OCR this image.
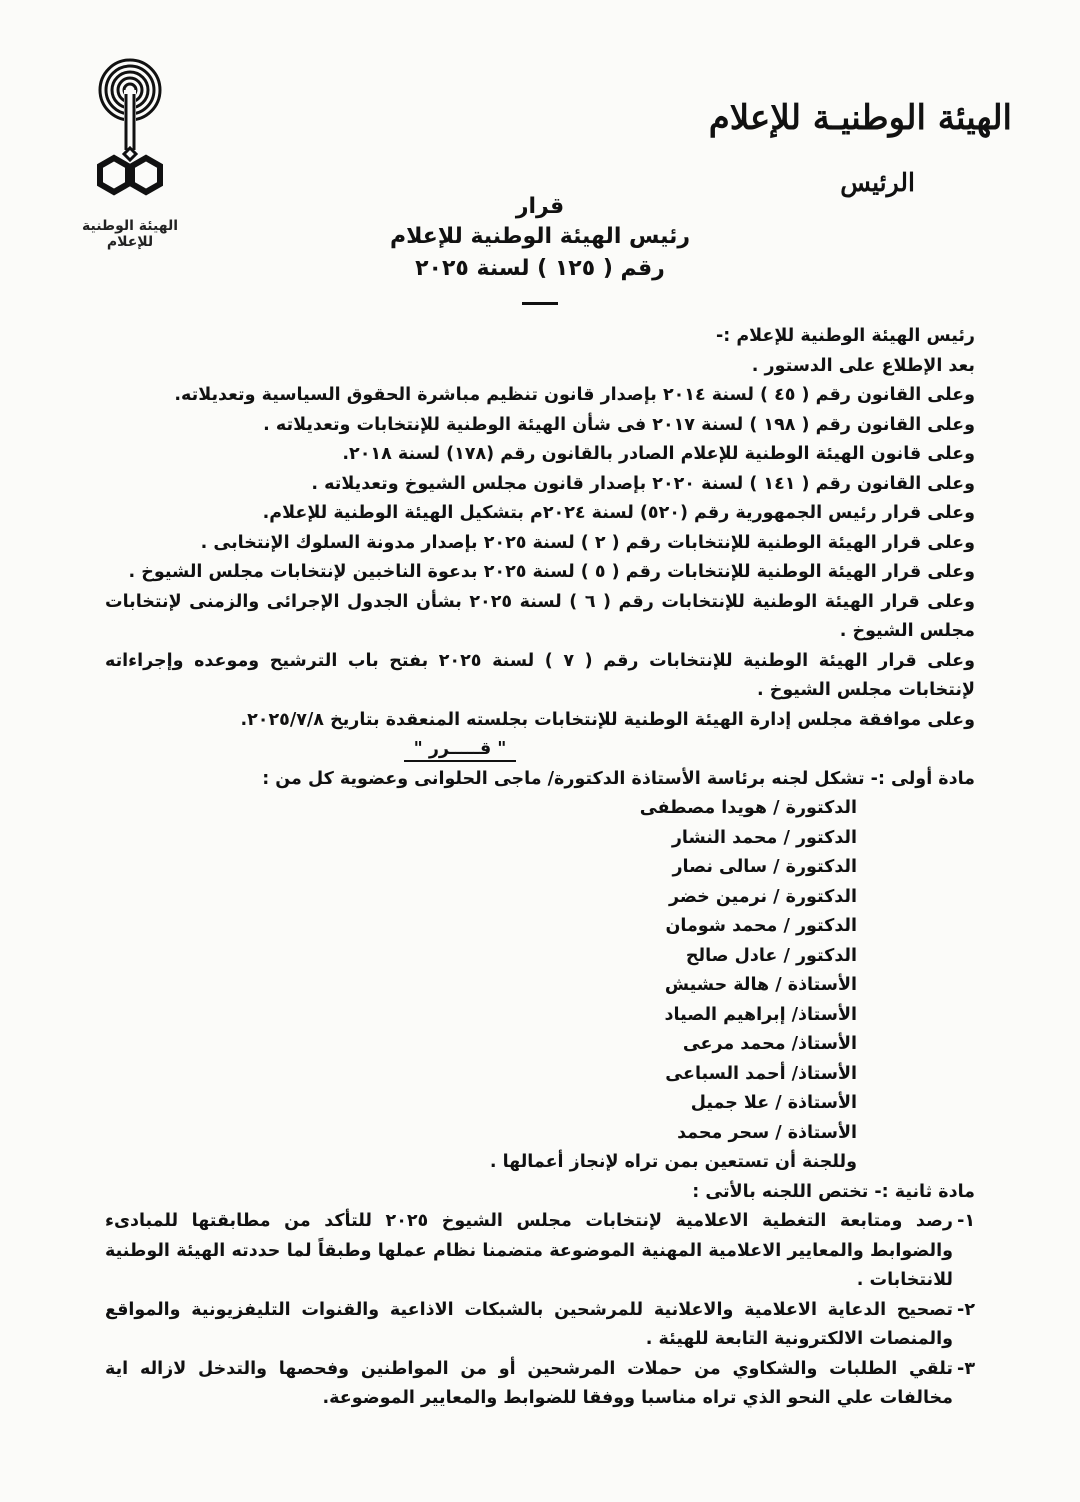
الهيئة الوطنية للإعلام
الهيئة الوطنيـة للإعلام
الرئيس
قرار
رئيس الهيئة الوطنية للإعلام
رقم ( ١٢٥ ) لسنة ٢٠٢٥

رئيس الهيئة الوطنية للإعلام :-

بعد الإطلاع على الدستور .

وعلى القانون رقم ( ٤٥ ) لسنة ٢٠١٤ بإصدار قانون تنظيم مباشرة الحقوق السياسية وتعديلاته.

وعلى القانون رقم ( ١٩٨ ) لسنة ٢٠١٧ فى شأن الهيئة الوطنية للإنتخابات وتعديلاته .

وعلى قانون الهيئة الوطنية للإعلام الصادر بالقانون رقم (١٧٨) لسنة ٢٠١٨.

وعلى القانون رقم ( ١٤١ ) لسنة ٢٠٢٠ بإصدار قانون مجلس الشيوخ وتعديلاته .

وعلى قرار رئيس الجمهورية رقم (٥٢٠) لسنة ٢٠٢٤م بتشكيل الهيئة الوطنية للإعلام.

وعلى قرار الهيئة الوطنية للإنتخابات رقم ( ٢ ) لسنة ٢٠٢٥ بإصدار مدونة السلوك الإنتخابى .

وعلى قرار الهيئة الوطنية للإنتخابات رقم ( ٥ ) لسنة ٢٠٢٥ بدعوة الناخبين لإنتخابات مجلس الشيوخ .

وعلى قرار الهيئة الوطنية للإنتخابات رقم ( ٦ ) لسنة ٢٠٢٥ بشأن الجدول الإجرائى والزمنى لإنتخابات مجلس الشيوخ .

وعلى قرار الهيئة الوطنية للإنتخابات رقم ( ٧ ) لسنة ٢٠٢٥ بفتح باب الترشيح وموعده وإجراءاته لإنتخابات مجلس الشيوخ .

وعلى موافقة مجلس إدارة الهيئة الوطنية للإنتخابات بجلسته المنعقدة بتاريخ ٢٠٢٥/٧/٨.

" قـــــرر "

مادة أولى :- تشكل لجنه برئاسة الأستاذة الدكتورة/ ماجى الحلوانى وعضوية كل من :

الدكتورة / هويدا مصطفى

الدكتور / محمد النشار

الدكتورة / سالى نصار

الدكتورة / نرمين خضر

الدكتور / محمد شومان

الدكتور / عادل صالح

الأستاذة / هالة حشيش

الأستاذ/ إبراهيم الصياد

الأستاذ/ محمد مرعى

الأستاذ/ أحمد السباعى

الأستاذة / علا جميل

الأستاذة / سحر محمد

وللجنة أن تستعين بمن تراه لإنجاز أعمالها .

مادة ثانية :- تختص اللجنه بالأتى :

١-رصد ومتابعة التغطية الاعلامية لإنتخابات مجلس الشيوخ ٢٠٢٥ للتأكد من مطابقتها للمبادىء والضوابط والمعايير الاعلامية المهنية الموضوعة متضمنا نظام عملها وطبقاً لما حددته الهيئة الوطنية للانتخابات .

٢-تصحيح الدعاية الاعلامية والاعلانية للمرشحين بالشبكات الاذاعية والقنوات التليفزيونية والمواقع والمنصات الالكترونية التابعة للهيئة .

٣-تلقي الطلبات والشكاوي من حملات المرشحين أو من المواطنين وفحصها والتدخل لازاله اية مخالفات علي النحو الذي تراه مناسبا ووفقا للضوابط والمعايير الموضوعة.
